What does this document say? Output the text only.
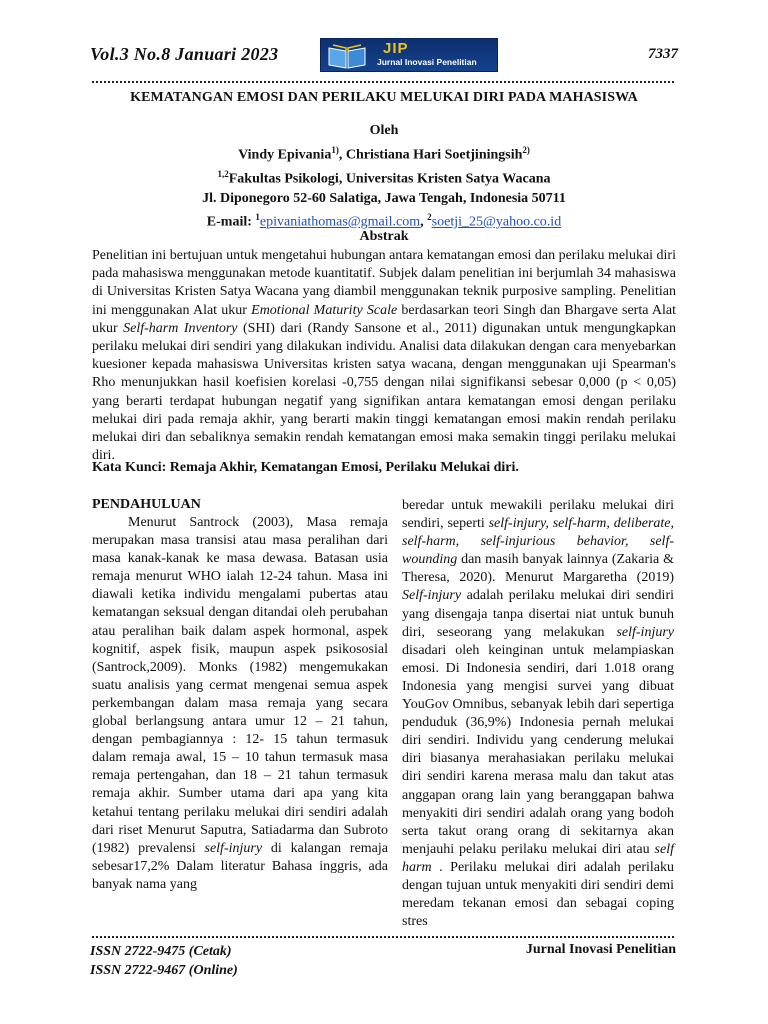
Vol.3 No.8 Januari 2023	JIP
Jurnal Inovasi Penelitian	7337
KEMATANGAN EMOSI DAN PERILAKU MELUKAI DIRI PADA MAHASISWA
Oleh
Vindy Epivania$^{1)}$, Christiana Hari Soetjiningsih$^{2)}$
$^{1,2}$Fakultas Psikologi, Universitas Kristen Satya Wacana
Jl. Diponegoro 52-60 Salatiga, Jawa Tengah, Indonesia 50711
E-mail: $^1$epivaniathomas@gmail.com, $^2$soetji_25@yahoo.co.id
Abstrak

Penelitian ini bertujuan untuk mengetahui hubungan antara kematangan emosi dan perilaku melukai diri pada mahasiswa menggunakan metode kuantitatif. Subjek dalam penelitian ini berjumlah 34 mahasiswa di Universitas Kristen Satya Wacana yang diambil menggunakan teknik purposive sampling. Penelitian ini menggunakan Alat ukur Emotional Maturity Scale berdasarkan teori Singh dan Bhargave serta Alat ukur Self-harm Inventory (SHI) dari (Randy Sansone et al., 2011) digunakan untuk mengungkapkan perilaku melukai diri sendiri yang dilakukan individu. Analisi data dilakukan dengan cara menyebarkan kuesioner kepada mahasiswa Universitas kristen satya wacana, dengan menggunakan uji Spearman's Rho menunjukkan hasil koefisien korelasi -0,755 dengan nilai signifikansi sebesar 0,000 (p < 0,05) yang berarti terdapat hubungan negatif yang signifikan antara kematangan emosi dengan perilaku melukai diri pada remaja akhir, yang berarti makin tinggi kematangan emosi makin rendah perilaku melukai diri dan sebaliknya semakin rendah kematangan emosi maka semakin tinggi perilaku melukai diri.

Kata Kunci: Remaja Akhir, Kematangan Emosi, Perilaku Melukai diri.
PENDAHULUAN

Menurut Santrock (2003), Masa remaja merupakan masa transisi atau masa peralihan dari masa kanak-kanak ke masa dewasa. Batasan usia remaja menurut WHO ialah 12-24 tahun. Masa ini diawali ketika individu mengalami pubertas atau kematangan seksual dengan ditandai oleh perubahan atau peralihan baik dalam aspek hormonal, aspek kognitif, aspek fisik, maupun aspek psikososial (Santrock,2009). Monks (1982) mengemukakan suatu analisis yang cermat mengenai semua aspek perkembangan dalam masa remaja yang secara global berlangsung antara umur 12 – 21 tahun, dengan pembagiannya : 12- 15 tahun termasuk dalam remaja awal, 15 – 10 tahun termasuk masa remaja pertengahan, dan 18 – 21 tahun termasuk remaja akhir. Sumber utama dari apa yang kita ketahui tentang perilaku melukai diri sendiri adalah dari riset Menurut Saputra, Satiadarma dan Subroto (1982) prevalensi self-injury di kalangan remaja sebesar17,2% Dalam literatur Bahasa inggris, ada banyak nama yang

beredar untuk mewakili perilaku melukai diri sendiri, seperti self-injury, self-harm, deliberate, self-harm, self-injurious behavior, self-wounding dan masih banyak lainnya (Zakaria & Theresa, 2020). Menurut Margaretha (2019) Self-injury adalah perilaku melukai diri sendiri yang disengaja tanpa disertai niat untuk bunuh diri, seseorang yang melakukan self-injury disadari oleh keinginan untuk melampiaskan emosi. Di Indonesia sendiri, dari 1.018 orang Indonesia yang mengisi survei yang dibuat YouGov Omnibus, sebanyak lebih dari sepertiga penduduk (36,9%) Indonesia pernah melukai diri sendiri. Individu yang cenderung melukai diri biasanya merahasiakan perilaku melukai diri sendiri karena merasa malu dan takut atas anggapan orang lain yang beranggapan bahwa menyakiti diri sendiri adalah orang yang bodoh serta takut orang orang di sekitarnya akan menjauhi pelaku perilaku melukai diri atau self harm . Perilaku melukai diri adalah perilaku dengan tujuan untuk menyakiti diri sendiri demi meredam tekanan emosi dan sebagai coping stres

ISSN 2722-9475 (Cetak)
ISSN 2722-9467 (Online)
Jurnal Inovasi Penelitian
